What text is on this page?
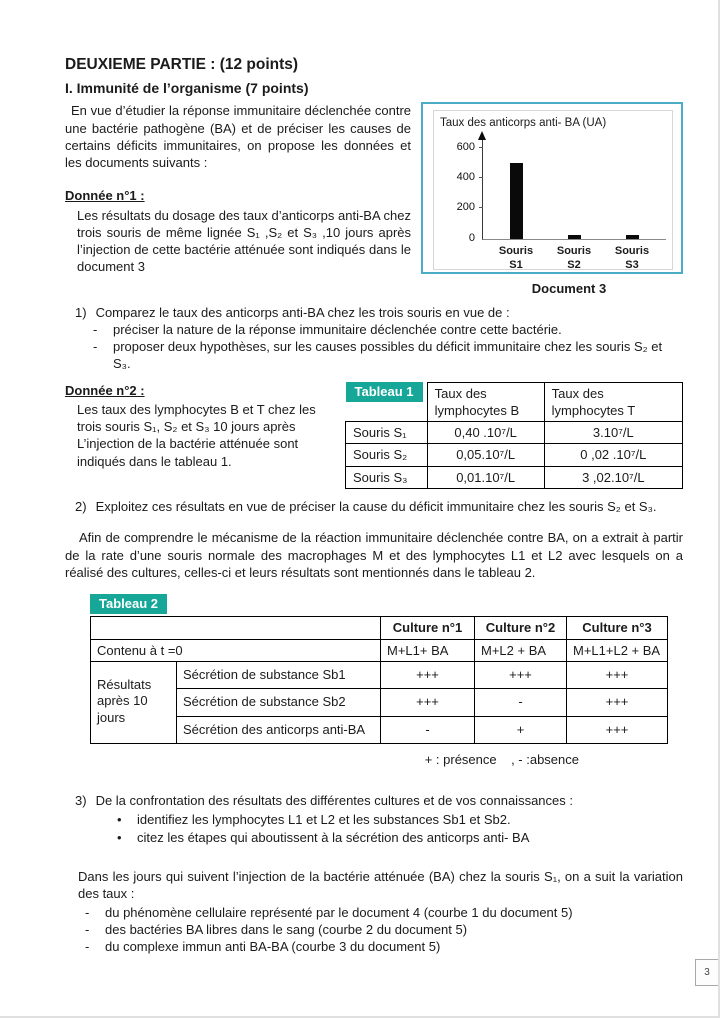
DEUXIEME PARTIE : (12 points)
I. Immunité de l’organisme (7 points)

En vue d’étudier la réponse immunitaire déclenchée contre une bactérie pathogène (BA) et de préciser les causes de certains déficits immunitaires, on propose les données et les documents suivants :

Donnée n°1 :

Les résultats du dosage des taux d’anticorps anti-BA chez trois souris de même lignée S₁ ,S₂ et S₃ ,10 jours après l’injection de cette bactérie atténuée sont indiqués dans le document 3

Taux des anticorps anti- BA (UA)
0
200
400
600
Souris
S1
Souris
S2
Souris
S3
Document 3
1) Comparez le taux des anticorps anti-BA chez les trois souris en vue de :
-	préciser la nature de la réponse immunitaire déclenchée contre cette bactérie.
-	proposer deux hypothèses, sur les causes possibles du déficit immunitaire chez les souris S₂ et S₃.

Donnée n°2 :

Les taux des lymphocytes B et T chez les trois souris S₁, S₂ et S₃ 10 jours après L’injection de la bactérie atténuée sont indiqués dans le tableau 1.

Tableau 1	Taux des lymphocytes B	Taux des lymphocytes T
Souris S₁	0,40 .10⁷/L	3.10⁷/L
Souris S₂	0,05.10⁷/L	0 ,02 .10⁷/L
Souris S₃	0,01.10⁷/L	3 ,02.10⁷/L
2) Exploitez ces résultats en vue de préciser la cause du déficit immunitaire chez les souris S₂ et S₃.

Afin de comprendre le mécanisme de la réaction immunitaire déclenchée contre BA, on a extrait à partir de la rate d’une souris normale des macrophages M et des lymphocytes L1 et L2 avec lesquels on a réalisé des cultures, celles-ci et leurs résultats sont mentionnés dans le tableau 2.

Tableau 2
		Culture n°1	Culture n°2	Culture n°3
Contenu à t =0		M+L1+ BA	M+L2 + BA	M+L1+L2 + BA
Résultats après 10 jours	Sécrétion de substance Sb1	+++	+++	+++
	Sécrétion de substance Sb2	+++	-	+++
	Sécrétion des anticorps anti-BA	-	+	+++
+ : présence    , - :absence
3) De la confrontation des résultats des différentes cultures et de vos connaissances :
•	identifiez les lymphocytes L1 et L2 et les substances Sb1 et Sb2.
•	citez les étapes qui aboutissent à la sécrétion des anticorps anti- BA

Dans les jours qui suivent l’injection de la bactérie atténuée (BA) chez la souris S₁, on a suit la variation des taux :

-	du phénomène cellulaire représenté par le document 4 (courbe 1 du document 5)
-	des bactéries BA libres dans le sang (courbe 2 du document 5)
-	du complexe immun anti BA-BA (courbe 3 du document 5)
3
